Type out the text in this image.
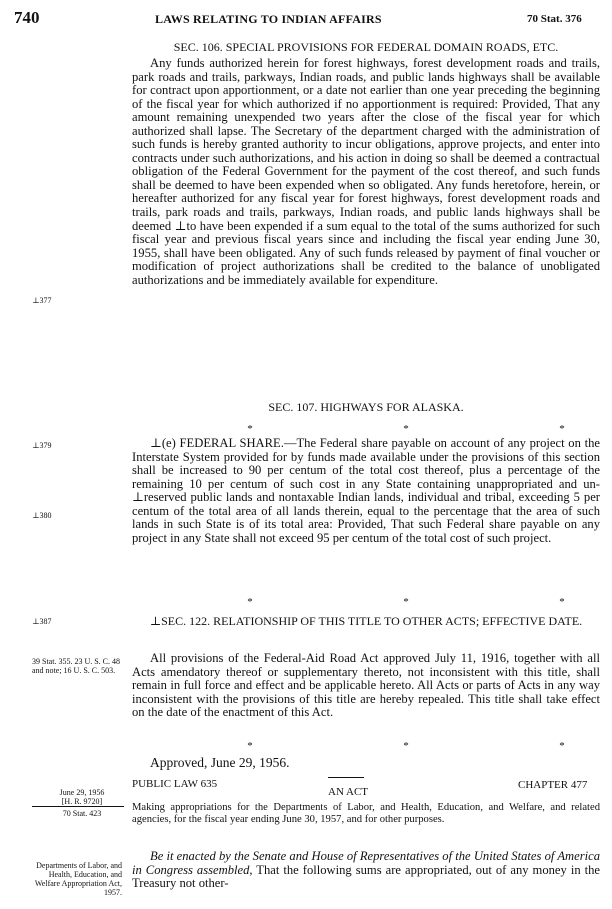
740	LAWS RELATING TO INDIAN AFFAIRS	70 Stat. 376
SEC. 106. SPECIAL PROVISIONS FOR FEDERAL DOMAIN ROADS, ETC.
Any funds authorized herein for forest highways, forest development roads and trails, park roads and trails, parkways, Indian roads, and public lands highways shall be available for contract upon apportionment, or a date not earlier than one year preceding the beginning of the fiscal year for which authorized if no apportionment is required: Provided, That any amount remaining unexpended two years after the close of the fiscal year for which authorized shall lapse. The Secretary of the department charged with the administration of such funds is hereby granted authority to incur obligations, approve projects, and enter into contracts under such authorizations, and his action in doing so shall be deemed a contractual obligation of the Federal Government for the payment of the cost thereof, and such funds shall be deemed to have been expended when so obligated. Any funds heretofore, herein, or hereafter authorized for any fiscal year for forest highways, forest development roads and trails, park roads and trails, parkways, Indian roads, and public lands highways shall be deemed ⊥to have been expended if a sum equal to the total of the sums authorized for such fiscal year and previous fiscal years since and including the fiscal year ending June 30, 1955, shall have been obligated. Any of such funds released by payment of final voucher or modification of project authorizations shall be credited to the balance of unobligated authorizations and be immediately available for expenditure.
SEC. 107. HIGHWAYS FOR ALASKA.
*	*	*
⊥(e) FEDERAL SHARE.—The Federal share payable on account of any project on the Interstate System provided for by funds made available under the provisions of this section shall be increased to 90 per centum of the total cost thereof, plus a percentage of the remaining 10 per centum of such cost in any State containing unappropriated and un-⊥reserved public lands and nontaxable Indian lands, individual and tribal, exceeding 5 per centum of the total area of all lands therein, equal to the percentage that the area of such lands in such State is of its total area: Provided, That such Federal share payable on any project in any State shall not exceed 95 per centum of the total cost of such project.
*	*	*
⊥SEC. 122. RELATIONSHIP OF THIS TITLE TO OTHER ACTS; EFFECTIVE DATE.
All provisions of the Federal-Aid Road Act approved July 11, 1916, together with all Acts amendatory thereof or supplementary thereto, not inconsistent with this title, shall remain in full force and effect and be applicable hereto. All Acts or parts of Acts in any way inconsistent with the provisions of this title are hereby repealed. This title shall take effect on the date of the enactment of this Act.
*	*	*
Approved, June 29, 1956.
PUBLIC LAW 635
AN ACT
CHAPTER 477
Making appropriations for the Departments of Labor, and Health, Education, and Welfare, and related agencies, for the fiscal year ending June 30, 1957, and for other purposes.
Be it enacted by the Senate and House of Representatives of the United States of America in Congress assembled, That the following sums are appropriated, out of any money in the Treasury not other-
⊥377
⊥379
⊥380
⊥387
39 Stat. 355. 23 U. S. C. 48 and note; 16 U. S. C. 503.
June 29, 1956
[H. R. 9720]
70 Stat. 423
Departments of Labor, and Health, Education, and Welfare Appropriation Act, 1957.
